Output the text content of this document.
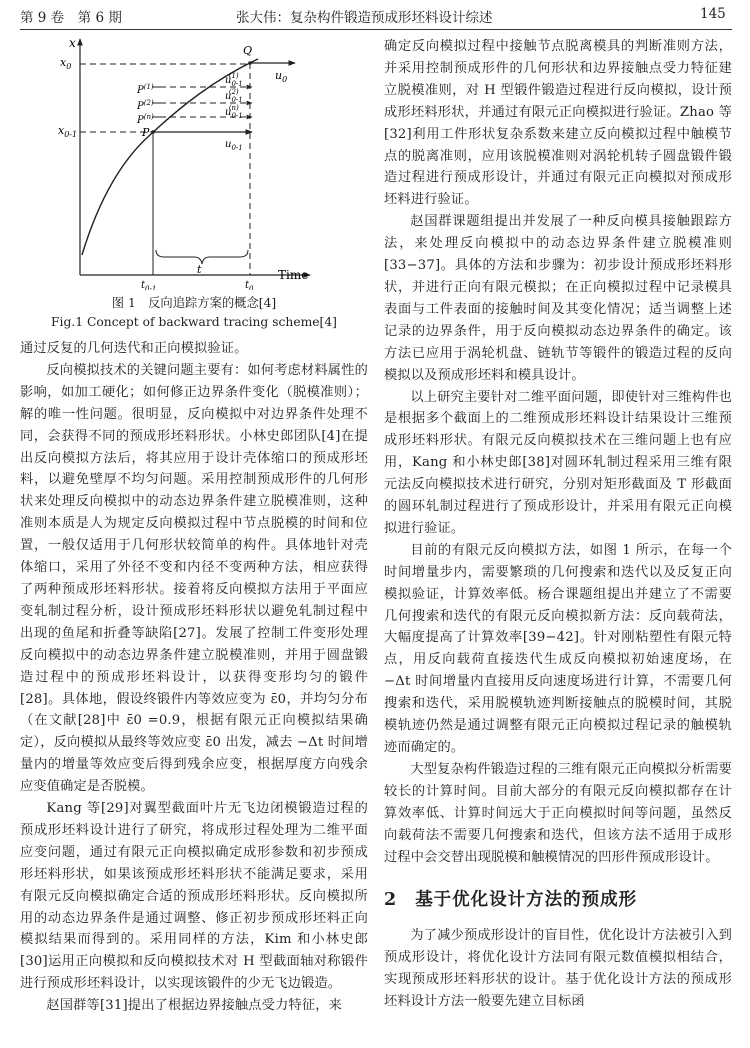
第 9 卷　第 6 期	张大伟：复杂构件锻造预成形坯料设计综述	145
x
Time
$x_0$
$x_{0-1}$
Q
$u_0$
$P^{(1)}$
$u_{0-1}(1)$
$P^{(2)}$
$u_{0-1}(2)$
$P^{(n)}$	$u_{0-1}(n)$
P
$u_{0-1}$
t
$t_{0-1}$	$t_0$
图 1　反向追踪方案的概念[4]
Fig.1 Concept of backward tracing scheme[4]

通过反复的几何迭代和正向模拟验证。

反向模拟技术的关键问题主要有：如何考虑材料属性的影响，如加工硬化；如何修正边界条件变化（脱模准则）；解的唯一性问题。很明显，反向模拟中对边界条件处理不同，会获得不同的预成形坯料形状。小林史郎团队[4]在提出反向模拟方法后，将其应用于设计壳体缩口的预成形坯料，以避免壁厚不均匀问题。采用控制预成形件的几何形状来处理反向模拟中的动态边界条件建立脱模准则，这种准则本质是人为规定反向模拟过程中节点脱模的时间和位置，一般仅适用于几何形状较简单的构件。具体地针对壳体缩口，采用了外径不变和内径不变两种方法，相应获得了两种预成形坯料形状。接着将反向模拟方法用于平面应变轧制过程分析，设计预成形坯料形状以避免轧制过程中出现的鱼尾和折叠等缺陷[27]。发展了控制工件变形处理反向模拟中的动态边界条件建立脱模准则，并用于圆盘锻造过程中的预成形坯料设计，以获得变形均匀的锻件[28]。具体地，假设终锻件内等效应变为 ε̄0，并均匀分布（在文献[28]中 ε̄0 =0.9，根据有限元正向模拟结果确定），反向模拟从最终等效应变 ε̄0 出发，减去 −Δt 时间增量内的增量等效应变后得到残余应变，根据厚度方向残余应变值确定是否脱模。

Kang 等[29]对翼型截面叶片无飞边闭模锻造过程的预成形坯料设计进行了研究，将成形过程处理为二维平面应变问题，通过有限元正向模拟确定成形参数和初步预成形坯料形状，如果该预成形坯料形状不能满足要求，采用有限元反向模拟确定合适的预成形坯料形状。反向模拟所用的动态边界条件是通过调整、修正初步预成形坯料正向模拟结果而得到的。采用同样的方法，Kim 和小林史郎[30]运用正向模拟和反向模拟技术对 H 型截面轴对称锻件进行预成形坯料设计，以实现该锻件的少无飞边锻造。

赵国群等[31]提出了根据边界接触点受力特征，来

确定反向模拟过程中接触节点脱离模具的判断准则方法，并采用控制预成形件的几何形状和边界接触点受力特征建立脱模准则，对 H 型锻件锻造过程进行反向模拟，设计预成形坯料形状，并通过有限元正向模拟进行验证。Zhao 等[32]利用工件形状复杂系数来建立反向模拟过程中触模节点的脱离准则，应用该脱模准则对涡轮机转子圆盘锻件锻造过程进行预成形设计，并通过有限元正向模拟对预成形坯料进行验证。

赵国群课题组提出并发展了一种反向模具接触跟踪方法，来处理反向模拟中的动态边界条件建立脱模准则[33−37]。具体的方法和步骤为：初步设计预成形坯料形状，并进行正向有限元模拟；在正向模拟过程中记录模具表面与工件表面的接触时间及其变化情况；适当调整上述记录的边界条件，用于反向模拟动态边界条件的确定。该方法已应用于涡轮机盘、链轨节等锻件的锻造过程的反向模拟以及预成形坯料和模具设计。

以上研究主要针对二维平面问题，即使针对三维构件也是根据多个截面上的二维预成形坯料设计结果设计三维预成形坯料形状。有限元反向模拟技术在三维问题上也有应用，Kang 和小林史郎[38]对圆环轧制过程采用三维有限元法反向模拟技术进行研究，分别对矩形截面及 T 形截面的圆环轧制过程进行了预成形设计，并采用有限元正向模拟进行验证。

目前的有限元反向模拟方法，如图 1 所示，在每一个时间增量步内，需要繁琐的几何搜索和迭代以及反复正向模拟验证，计算效率低。杨合课题组提出并建立了不需要几何搜索和迭代的有限元反向模拟新方法：反向载荷法，大幅度提高了计算效率[39−42]。针对刚粘塑性有限元特点，用反向载荷直接迭代生成反向模拟初始速度场，在 −Δt 时间增量内直接用反向速度场进行计算，不需要几何搜索和迭代，采用脱模轨迹判断接触点的脱模时间，其脱模轨迹仍然是通过调整有限元正向模拟过程记录的触模轨迹而确定的。

大型复杂构件锻造过程的三维有限元正向模拟分析需要较长的计算时间。目前大部分的有限元反向模拟都存在计算效率低、计算时间远大于正向模拟时间等问题，虽然反向载荷法不需要几何搜索和迭代，但该方法不适用于成形过程中会交替出现脱模和触模情况的凹形件预成形设计。

2 基于优化设计方法的预成形

为了减少预成形设计的盲目性，优化设计方法被引入到预成形设计，将优化设计方法同有限元数值模拟相结合，实现预成形坯料形状的设计。基于优化设计方法的预成形坯料设计方法一般要先建立目标函
